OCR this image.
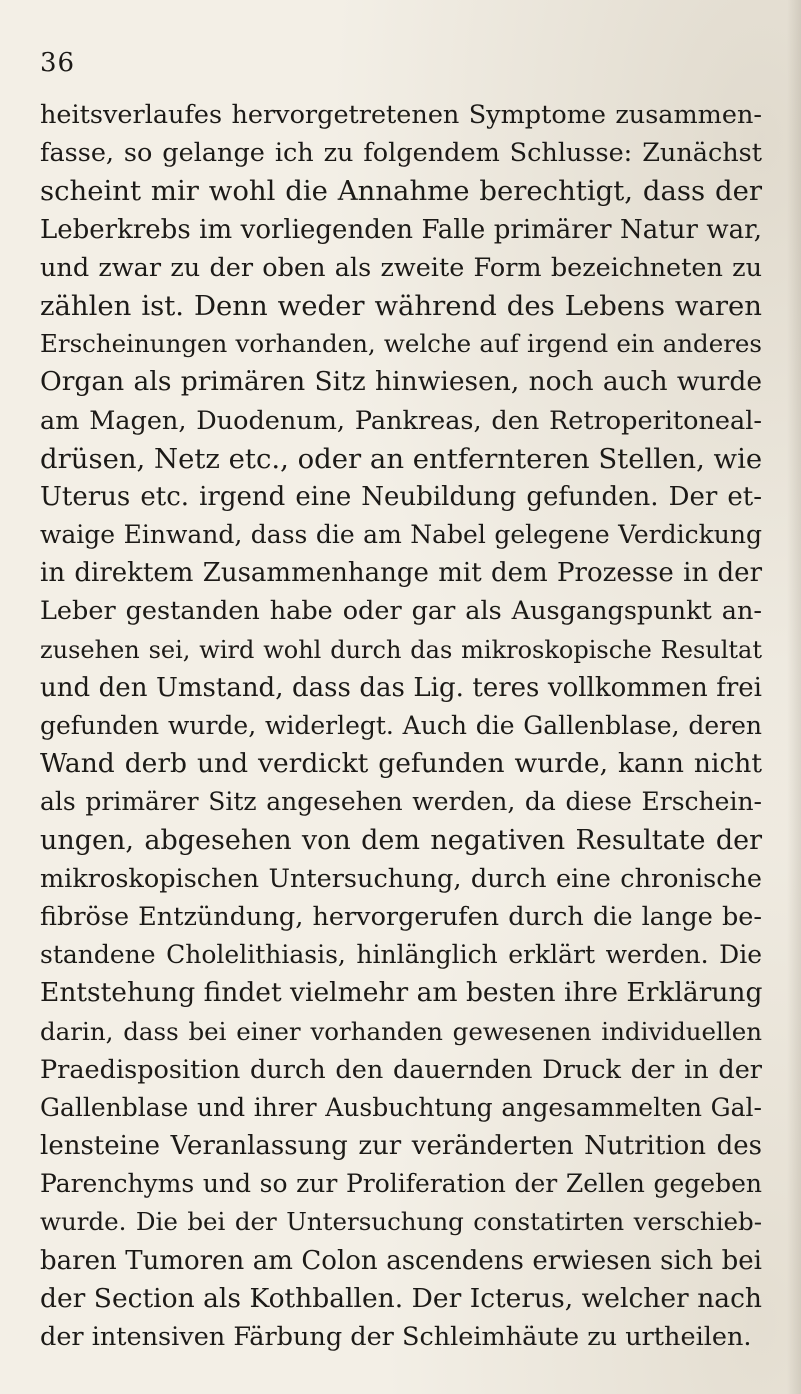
36
heitsverlaufes hervorgetretenen Symptome zusammen-
fasse, so gelange ich zu folgendem Schlusse: Zunächst
scheint mir wohl die Annahme berechtigt, dass der
Leberkrebs im vorliegenden Falle primärer Natur war,
und zwar zu der oben als zweite Form bezeichneten zu
zählen ist. Denn weder während des Lebens waren
Erscheinungen vorhanden, welche auf irgend ein anderes
Organ als primären Sitz hinwiesen, noch auch wurde
am Magen, Duodenum, Pankreas, den Retroperitoneal-
drüsen, Netz etc., oder an entfernteren Stellen, wie
Uterus etc. irgend eine Neubildung gefunden. Der et-
waige Einwand, dass die am Nabel gelegene Verdickung
in direktem Zusammenhange mit dem Prozesse in der
Leber gestanden habe oder gar als Ausgangspunkt an-
zusehen sei, wird wohl durch das mikroskopische Resultat
und den Umstand, dass das Lig. teres vollkommen frei
gefunden wurde, widerlegt. Auch die Gallenblase, deren
Wand derb und verdickt gefunden wurde, kann nicht
als primärer Sitz angesehen werden, da diese Erschein-
ungen, abgesehen von dem negativen Resultate der
mikroskopischen Untersuchung, durch eine chronische
fibröse Entzündung, hervorgerufen durch die lange be-
standene Cholelithiasis, hinlänglich erklärt werden. Die
Entstehung findet vielmehr am besten ihre Erklärung
darin, dass bei einer vorhanden gewesenen individuellen
Praedisposition durch den dauernden Druck der in der
Gallenblase und ihrer Ausbuchtung angesammelten Gal-
lensteine Veranlassung zur veränderten Nutrition des
Parenchyms und so zur Proliferation der Zellen gegeben
wurde. Die bei der Untersuchung constatirten verschieb-
baren Tumoren am Colon ascendens erwiesen sich bei
der Section als Kothballen. Der Icterus, welcher nach
der intensiven Färbung der Schleimhäute zu urtheilen.
